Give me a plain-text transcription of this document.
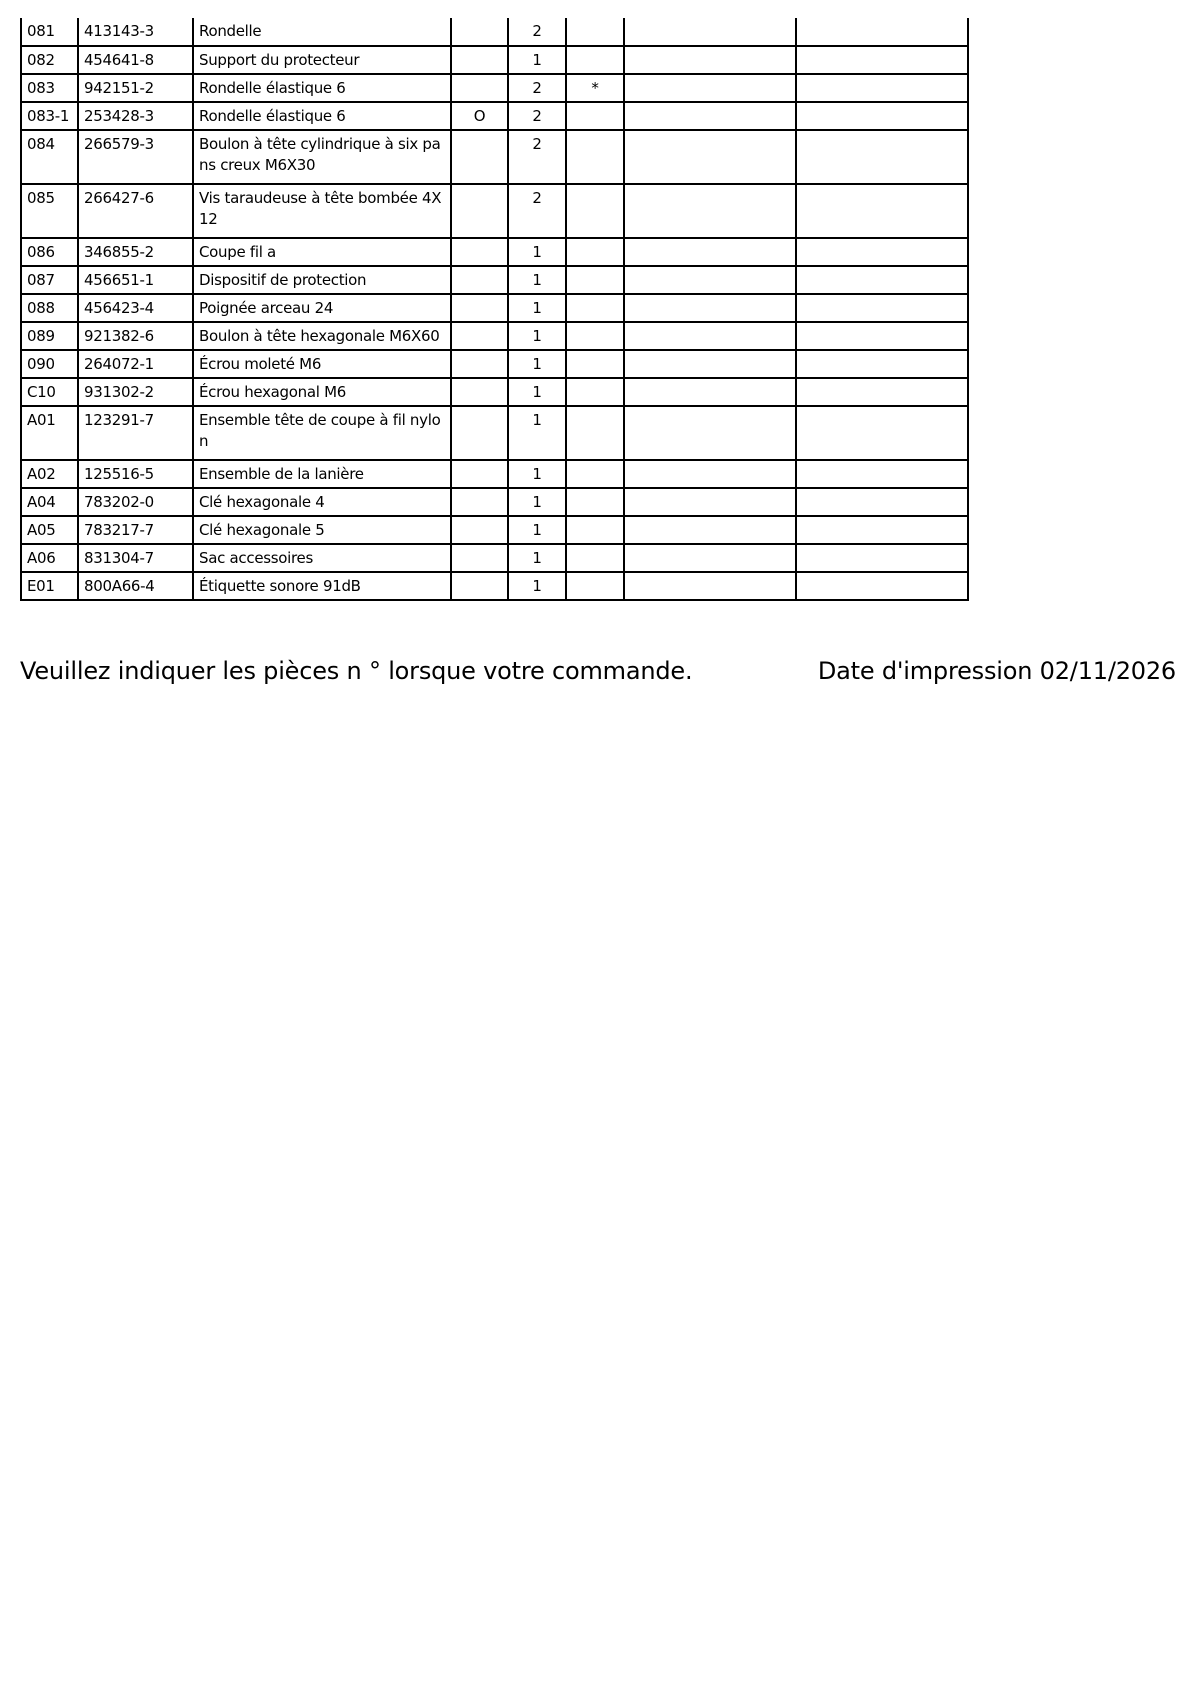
081	413143-3	Rondelle		2			
082	454641-8	Support du protecteur		1			
083	942151-2	Rondelle élastique 6		2	*		
083-1	253428-3	Rondelle élastique 6	O	2			
084	266579-3	Boulon à tête cylindrique à six pans creux M6X30		2			
085	266427-6	Vis taraudeuse à tête bombée 4X12		2			
086	346855-2	Coupe fil a		1			
087	456651-1	Dispositif de protection		1			
088	456423-4	Poignée arceau 24		1			
089	921382-6	Boulon à tête hexagonale M6X60		1			
090	264072-1	Écrou moleté M6		1			
C10	931302-2	Écrou hexagonal M6		1			
A01	123291-7	Ensemble tête de coupe à fil nylon		1			
A02	125516-5	Ensemble de la lanière		1			
A04	783202-0	Clé hexagonale 4		1			
A05	783217-7	Clé hexagonale 5		1			
A06	831304-7	Sac accessoires		1			
E01	800A66-4	Étiquette sonore 91dB		1			
Veuillez indiquer les pièces n ° lorsque votre commande.	Date d'impression 02/11/2026
